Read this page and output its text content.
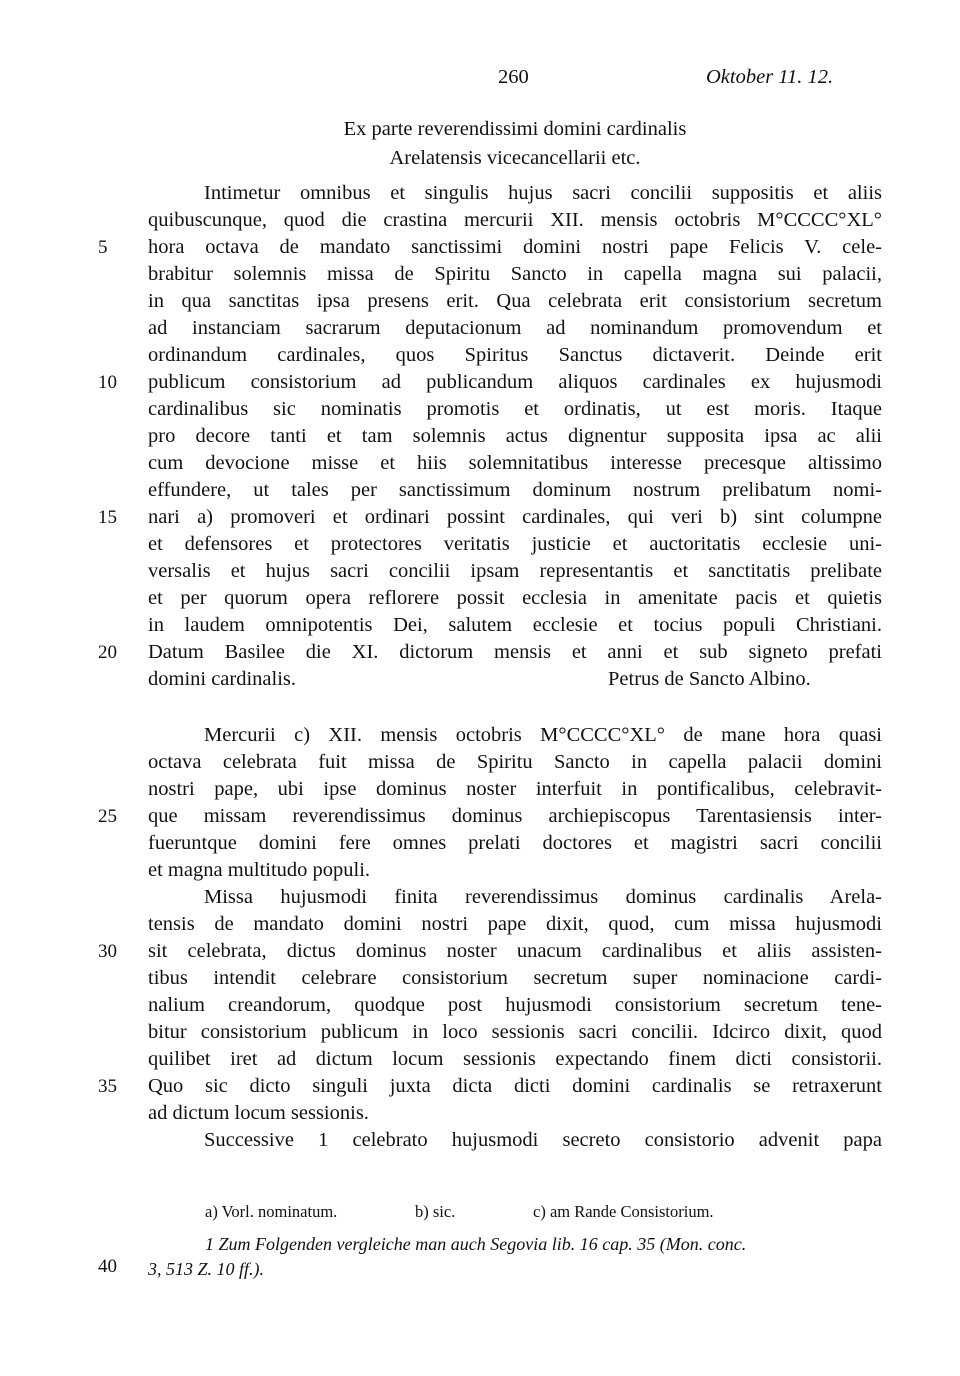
260	Oktober 11. 12.
Ex parte reverendissimi domini cardinalis
Arelatensis vicecancellarii etc.
Intimetur omnibus et singulis hujus sacri concilii suppositis et aliis
quibuscunque, quod die crastina mercurii XII. mensis octobris M°CCCC°XL°
hora octava de mandato sanctissimi domini nostri pape Felicis V. cele-
5
brabitur solemnis missa de Spiritu Sancto in capella magna sui palacii,
in qua sanctitas ipsa presens erit. Qua celebrata erit consistorium secretum
ad instanciam sacrarum deputacionum ad nominandum promovendum et
ordinandum cardinales, quos Spiritus Sanctus dictaverit. Deinde erit
publicum consistorium ad publicandum aliquos cardinales ex hujusmodi
10
cardinalibus sic nominatis promotis et ordinatis, ut est moris. Itaque
pro decore tanti et tam solemnis actus dignentur supposita ipsa ac alii
cum devocione misse et hiis solemnitatibus interesse precesque altissimo
effundere, ut tales per sanctissimum dominum nostrum prelibatum nomi-
nari a) promoveri et ordinari possint cardinales, qui veri b) sint columpne
15
et defensores et protectores veritatis justicie et auctoritatis ecclesie uni-
versalis et hujus sacri concilii ipsam representantis et sanctitatis prelibate
et per quorum opera reflorere possit ecclesia in amenitate pacis et quietis
in laudem omnipotentis Dei, salutem ecclesie et tocius populi Christiani.
Datum Basilee die XI. dictorum mensis et anni et sub signeto prefati
20
domini cardinalis.	Petrus de Sancto Albino.
Mercurii c) XII. mensis octobris M°CCCC°XL° de mane hora quasi
octava celebrata fuit missa de Spiritu Sancto in capella palacii domini
nostri pape, ubi ipse dominus noster interfuit in pontificalibus, celebravit-
que missam reverendissimus dominus archiepiscopus Tarentasiensis inter-
25
fueruntque domini fere omnes prelati doctores et magistri sacri concilii
et magna multitudo populi.
Missa hujusmodi finita reverendissimus dominus cardinalis Arela-
tensis de mandato domini nostri pape dixit, quod, cum missa hujusmodi
sit celebrata, dictus dominus noster unacum cardinalibus et aliis assisten-
30
tibus intendit celebrare consistorium secretum super nominacione cardi-
nalium creandorum, quodque post hujusmodi consistorium secretum tene-
bitur consistorium publicum in loco sessionis sacri concilii. Idcirco dixit, quod
quilibet iret ad dictum locum sessionis expectando finem dicti consistorii.
Quo sic dicto singuli juxta dicta dicti domini cardinalis se retraxerunt
35
ad dictum locum sessionis.
Successive 1 celebrato hujusmodi secreto consistorio advenit papa
a) Vorl. nominatum.	b) sic.	c) am Rande Consistorium.
1 Zum Folgenden vergleiche man auch Segovia lib. 16 cap. 35 (Mon. conc.
40	3, 513 Z. 10 ff.).
